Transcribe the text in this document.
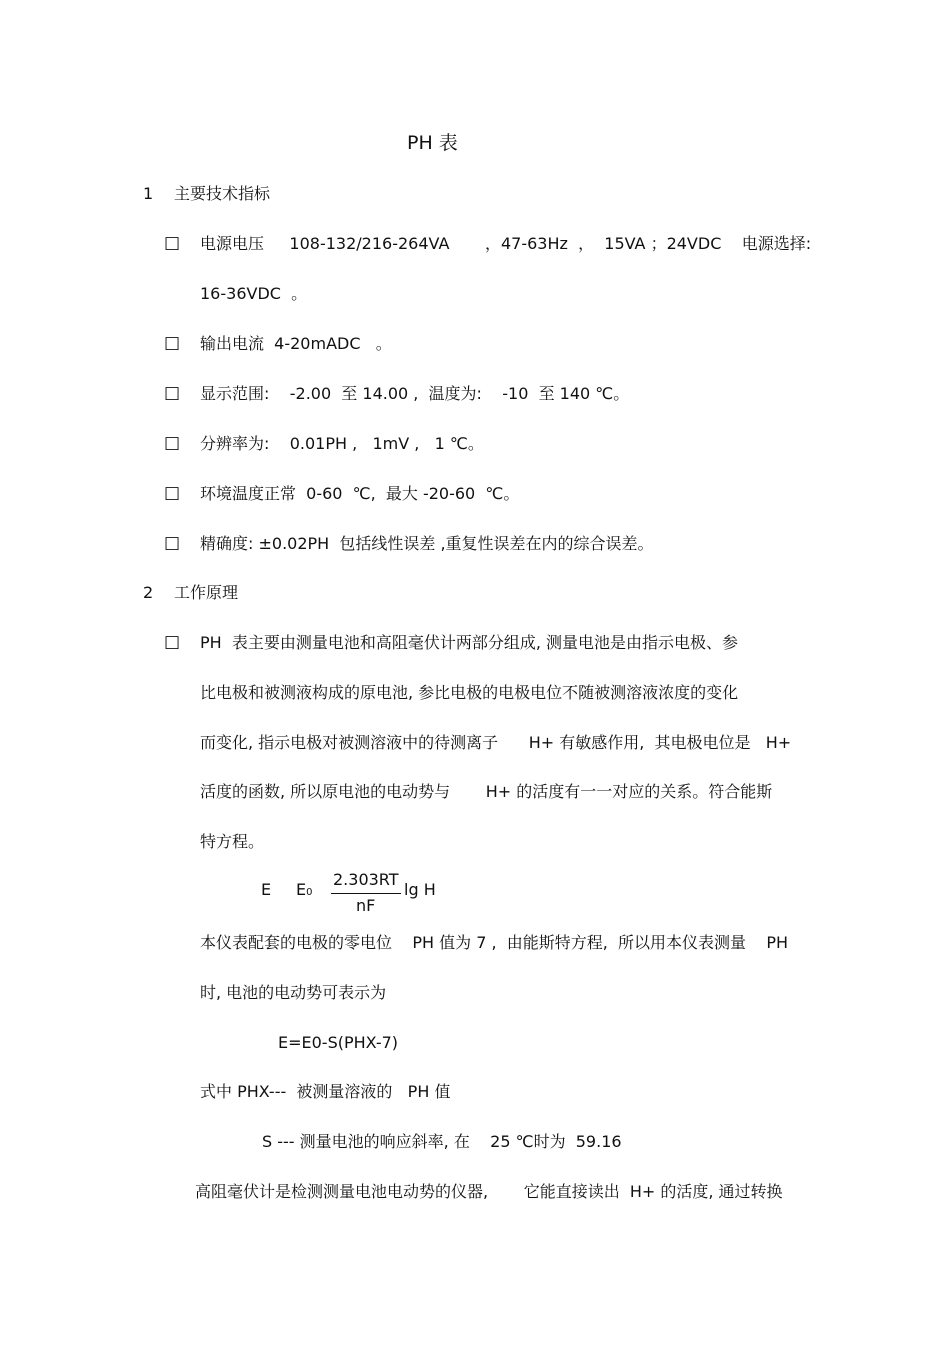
PH 表
1 主要技术指标
□ 电源电压     108-132/216-264VA       ，47-63Hz  ，  15VA ；24VDC    电源选择:
16-36VDC  。
□ 输出电流  4-20mADC   。
□ 显示范围:    -2.00  至 14.00 ,  温度为:    -10  至 140 ℃。
□ 分辨率为:    0.01PH ,   1mV ,   1 ℃。
□ 环境温度正常  0-60  ℃,  最大 -20-60  ℃。
□ 精确度: ±0.02PH  包括线性误差 ,重复性误差在内的综合误差。
2 工作原理
□ PH  表主要由测量电池和高阻毫伏计两部分组成, 测量电池是由指示电极、参
比电极和被测液构成的原电池, 参比电极的电极电位不随被测溶液浓度的变化
而变化, 指示电极对被测溶液中的待测离子      H+ 有敏感作用,  其电极电位是   H+
活度的函数, 所以原电池的电动势与       H+ 的活度有一一对应的关系。符合能斯
特方程。
E E0
2.303RT
nF
lg H
本仪表配套的电极的零电位    PH 值为 7 ,  由能斯特方程,  所以用本仪表测量    PH
时, 电池的电动势可表示为
E=E0-S(PHX-7)
式中 PHX---  被测量溶液的   PH 值
S --- 测量电池的响应斜率, 在    25 ℃时为  59.16
高阻毫伏计是检测测量电池电动势的仪器,       它能直接读出  H+ 的活度, 通过转换
